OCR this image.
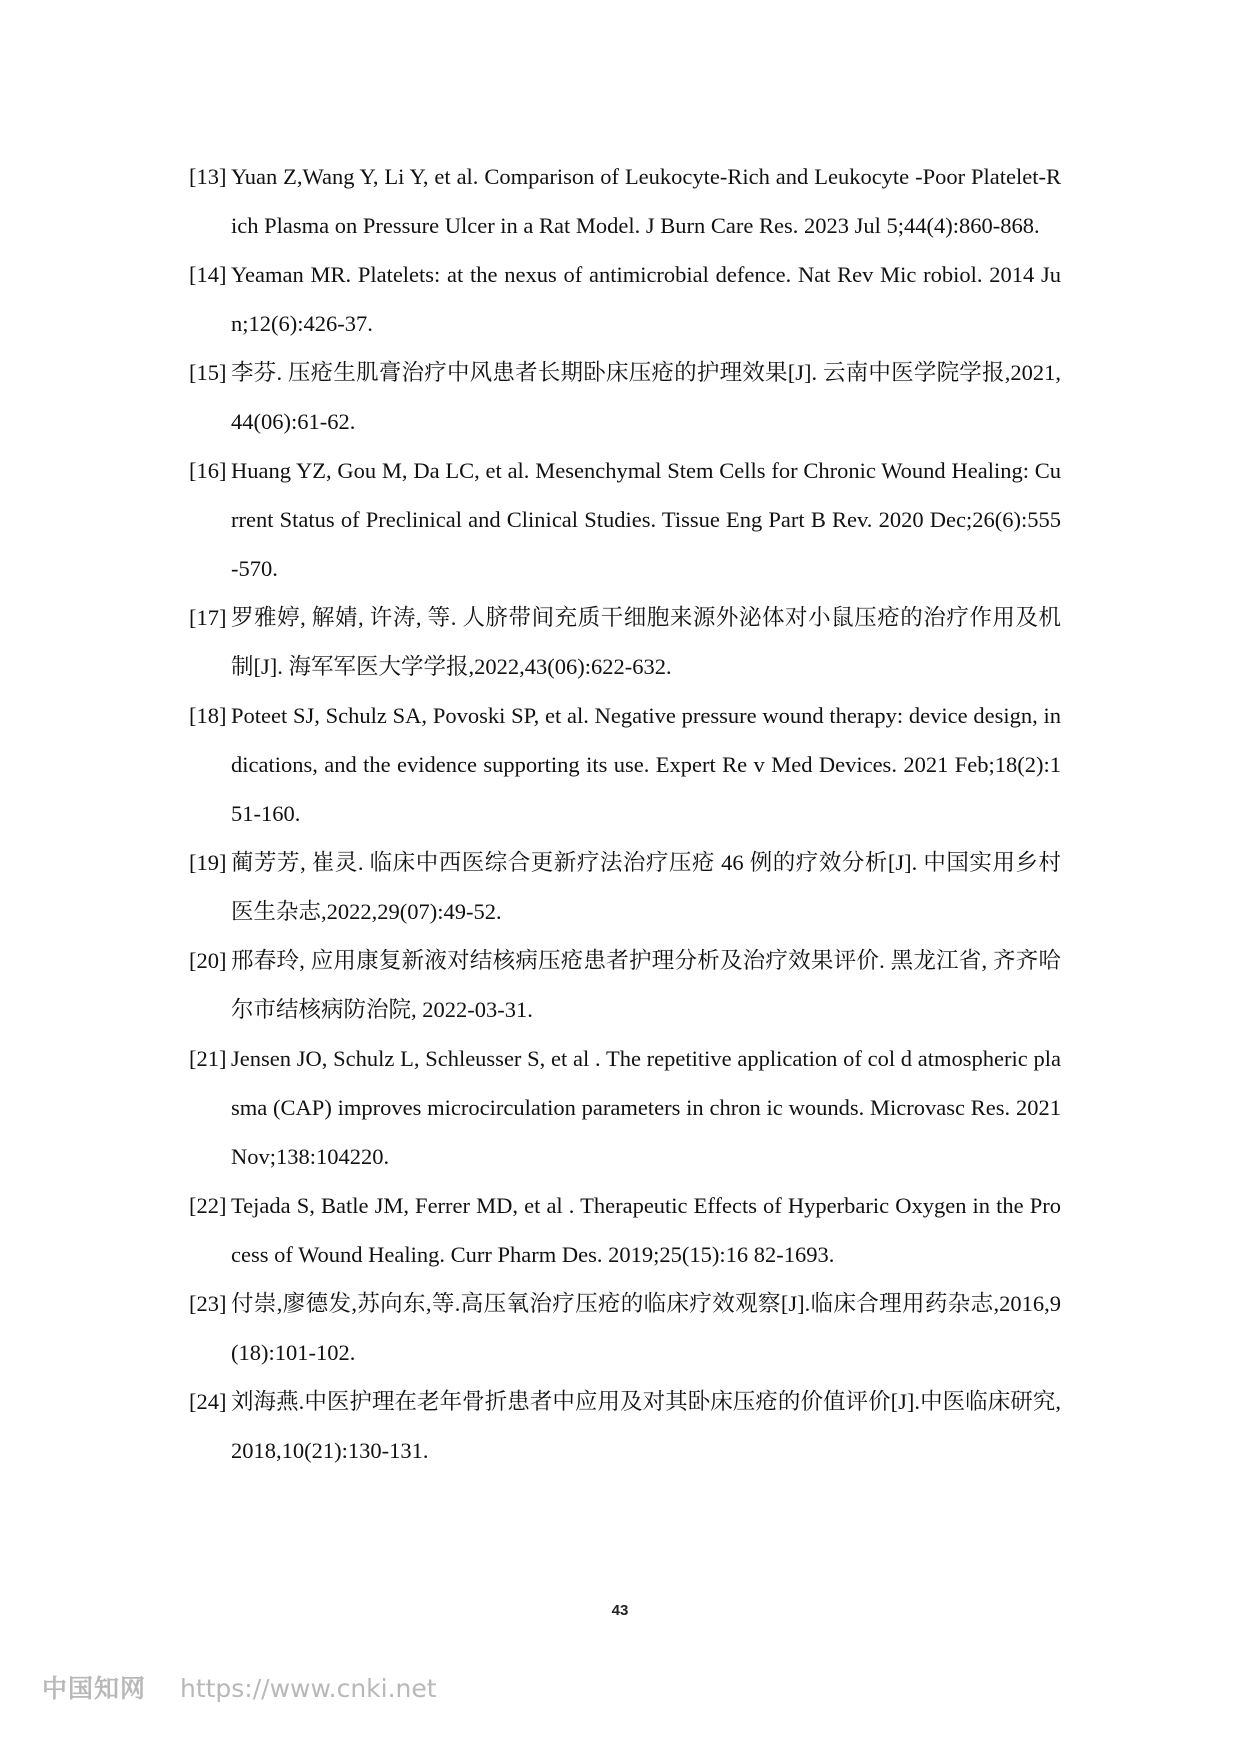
[13] Yuan Z,Wang Y, Li Y, et al. Comparison of Leukocyte-Rich and Leukocyte -Poor Platelet-Rich Plasma on Pressure Ulcer in a Rat Model. J Burn Care Res. 2023 Jul 5;44(4):860-868.
[14] Yeaman MR. Platelets: at the nexus of antimicrobial defence. Nat Rev Mic robiol. 2014 Jun;12(6):426-37.
[15] 李芬. 压疮生肌膏治疗中风患者长期卧床压疮的护理效果[J]. 云南中医学院学报,2021,44(06):61-62.
[16] Huang YZ, Gou M, Da LC, et al. Mesenchymal Stem Cells for Chronic Wound Healing: Current Status of Preclinical and Clinical Studies. Tissue Eng Part B Rev. 2020 Dec;26(6):555-570.
[17] 罗雅婷, 解婧, 许涛, 等. 人脐带间充质干细胞来源外泌体对小鼠压疮的治疗作用及机制[J]. 海军军医大学学报,2022,43(06):622-632.
[18] Poteet SJ, Schulz SA, Povoski SP, et al. Negative pressure wound therapy: device design, indications, and the evidence supporting its use. Expert Re v Med Devices. 2021 Feb;18(2):151-160.
[19] 蔺芳芳, 崔灵. 临床中西医综合更新疗法治疗压疮 46 例的疗效分析[J]. 中国实用乡村医生杂志,2022,29(07):49-52.
[20] 邢春玲, 应用康复新液对结核病压疮患者护理分析及治疗效果评价. 黑龙江省, 齐齐哈尔市结核病防治院, 2022-03-31.
[21] Jensen JO, Schulz L, Schleusser S, et al . The repetitive application of col d atmospheric plasma (CAP) improves microcirculation parameters in chron ic wounds. Microvasc Res. 2021 Nov;138:104220.
[22] Tejada S, Batle JM, Ferrer MD, et al . Therapeutic Effects of Hyperbaric Oxygen in the Process of Wound Healing. Curr Pharm Des. 2019;25(15):16 82-1693.
[23] 付崇,廖德发,苏向东,等.高压氧治疗压疮的临床疗效观察[J].临床合理用药杂志,2016,9(18):101-102.
[24] 刘海燕.中医护理在老年骨折患者中应用及对其卧床压疮的价值评价[J].中医临床研究,2018,10(21):130-131.
43
中国知网 https://www.cnki.net
